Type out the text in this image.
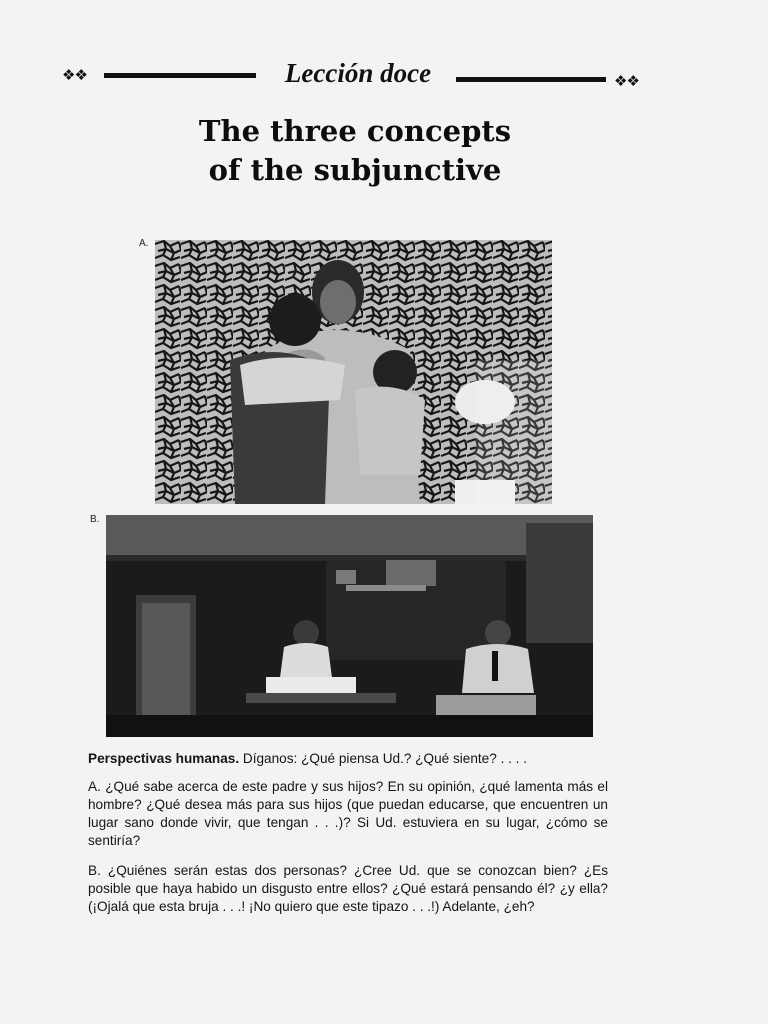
❖❖	Lección doce	❖❖
The three concepts
of the subjunctive
A.
B.
Perspectivas humanas. Díganos: ¿Qué piensa Ud.? ¿Qué siente? . . . .
A. ¿Qué sabe acerca de este padre y sus hijos? En su opinión, ¿qué lamenta más el hombre? ¿Qué desea más para sus hijos (que puedan educarse, que encuentren un lugar sano donde vivir, que tengan . . .)? Si Ud. estuviera en su lugar, ¿cómo se sentiría?
B. ¿Quiénes serán estas dos personas? ¿Cree Ud. que se conozcan bien? ¿Es posible que haya habido un disgusto entre ellos? ¿Qué estará pensando él? ¿y ella? (¡Ojalá que esta bruja . . .! ¡No quiero que este tipazo . . .!) Adelante, ¿eh?
